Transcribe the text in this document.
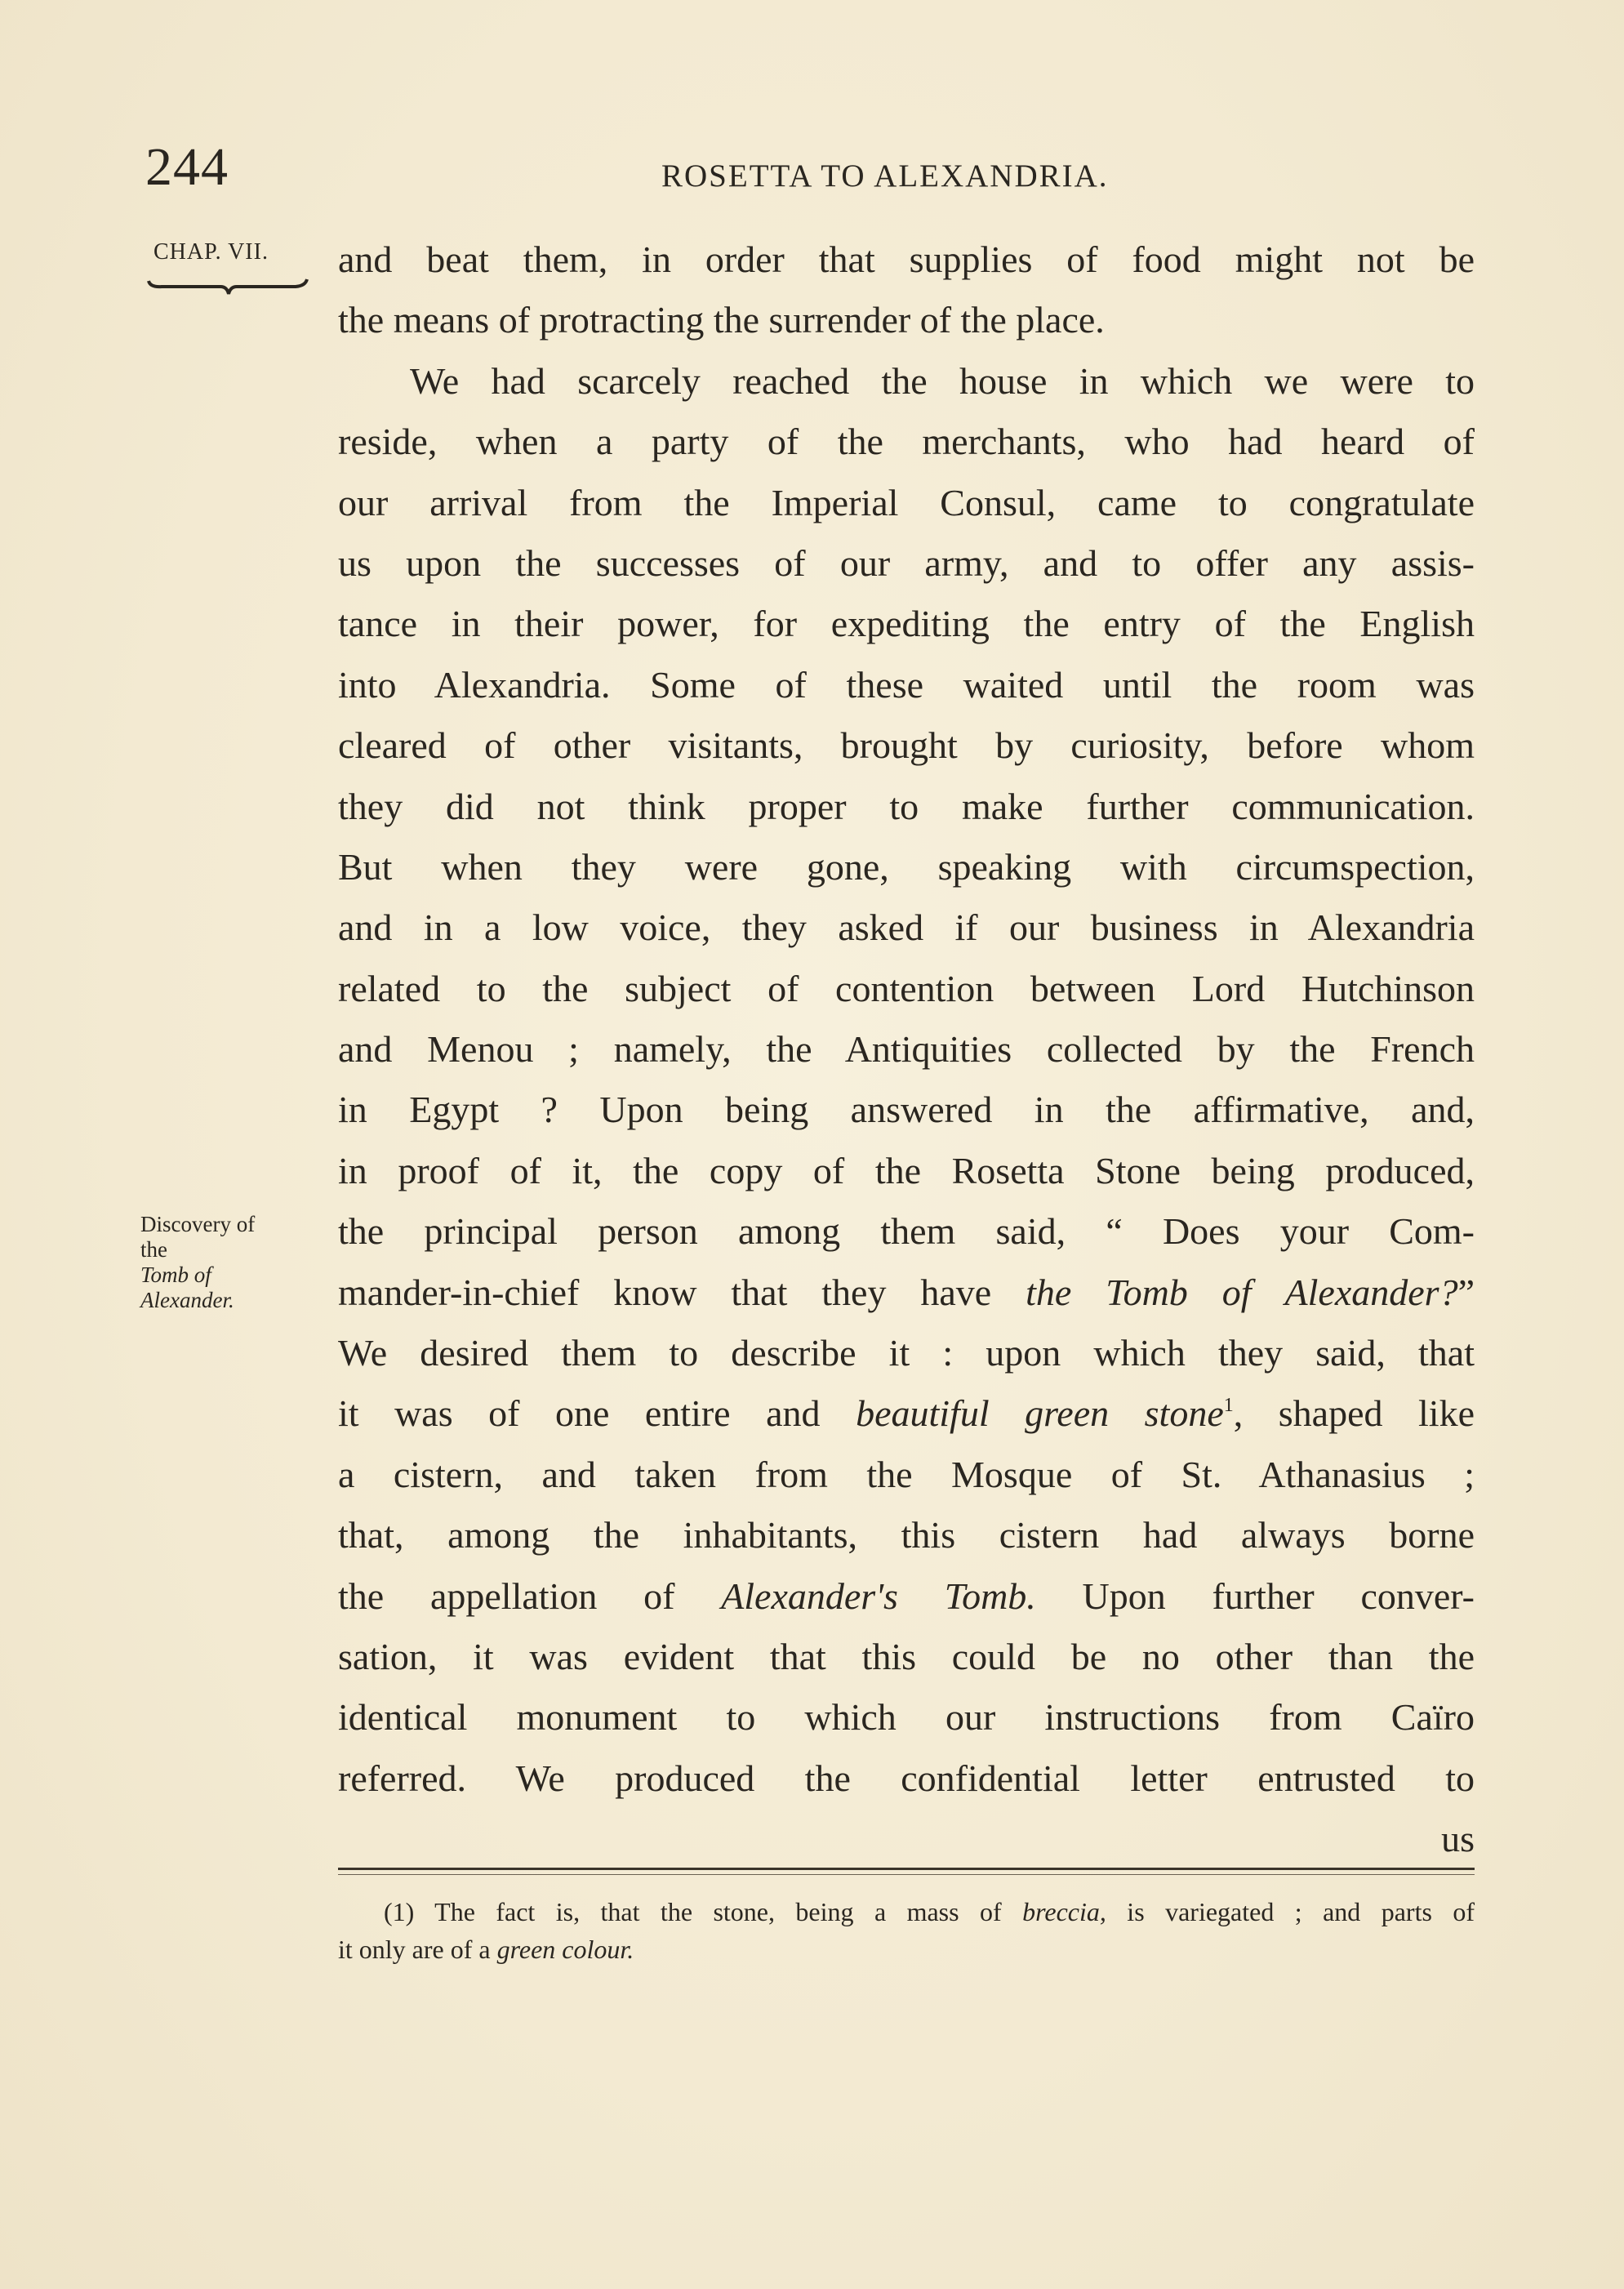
244	ROSETTA TO ALEXANDRIA.
CHAP. VII. and beat them, in order that supplies of food might not be
the means of protracting the surrender of the place.
We had scarcely reached the house in which we were to
reside, when a party of the merchants, who had heard of
our arrival from the Imperial Consul, came to congratulate
us upon the successes of our army, and to offer any assis-
tance in their power, for expediting the entry of the English
into Alexandria. Some of these waited until the room was
cleared of other visitants, brought by curiosity, before whom
they did not think proper to make further communication.
But when they were gone, speaking with circumspection,
and in a low voice, they asked if our business in Alexandria
related to the subject of contention between Lord Hutchinson
and Menou ; namely, the Antiquities collected by the French
in Egypt ? Upon being answered in the affirmative, and,
in proof of it, the copy of the Rosetta Stone being produced,
the principal person among them said, “ Does your Com-
mander-in-chief know that they have the Tomb of Alexander?”
We desired them to describe it : upon which they said, that
it was of one entire and beautiful green stone$^1$, shaped like
a cistern, and taken from the Mosque of St. Athanasius ;
that, among the inhabitants, this cistern had always borne
the appellation of Alexander's Tomb. Upon further conver-
sation, it was evident that this could be no other than the
identical monument to which our instructions from Caïro
referred. We produced the confidential letter entrusted to
us
Discovery of
the
Tomb of
Alexander.
(1) The fact is, that the stone, being a mass of breccia, is variegated ; and parts of
it only are of a green colour.
